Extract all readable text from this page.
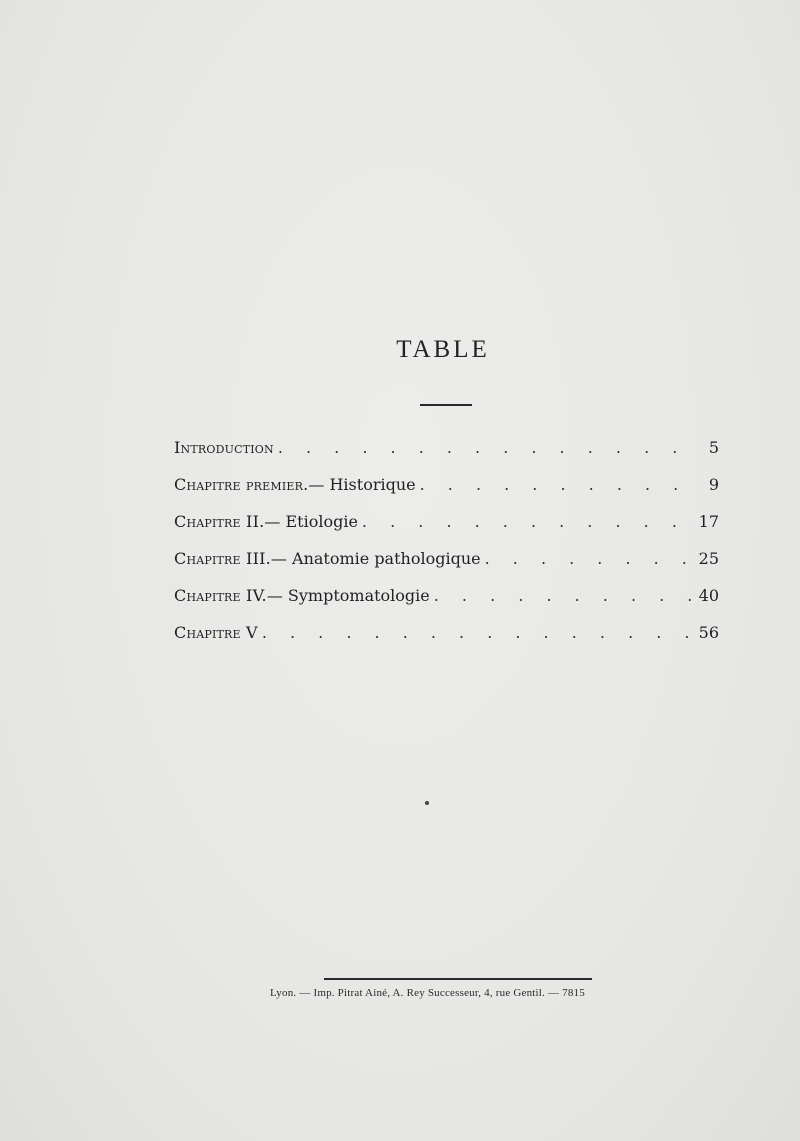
TABLE
Introduction . . .	5
Chapitre premier. — Historique . . .	9
Chapitre II. — Etiologie . . .	17
Chapitre III. — Anatomie pathologique . . .	25
Chapitre IV. — Symptomatologie . . .	40
Chapitre V . . .	56
Lyon. — Imp. Pitrat Ainé, A. Rey Successeur, 4, rue Gentil. — 7815
